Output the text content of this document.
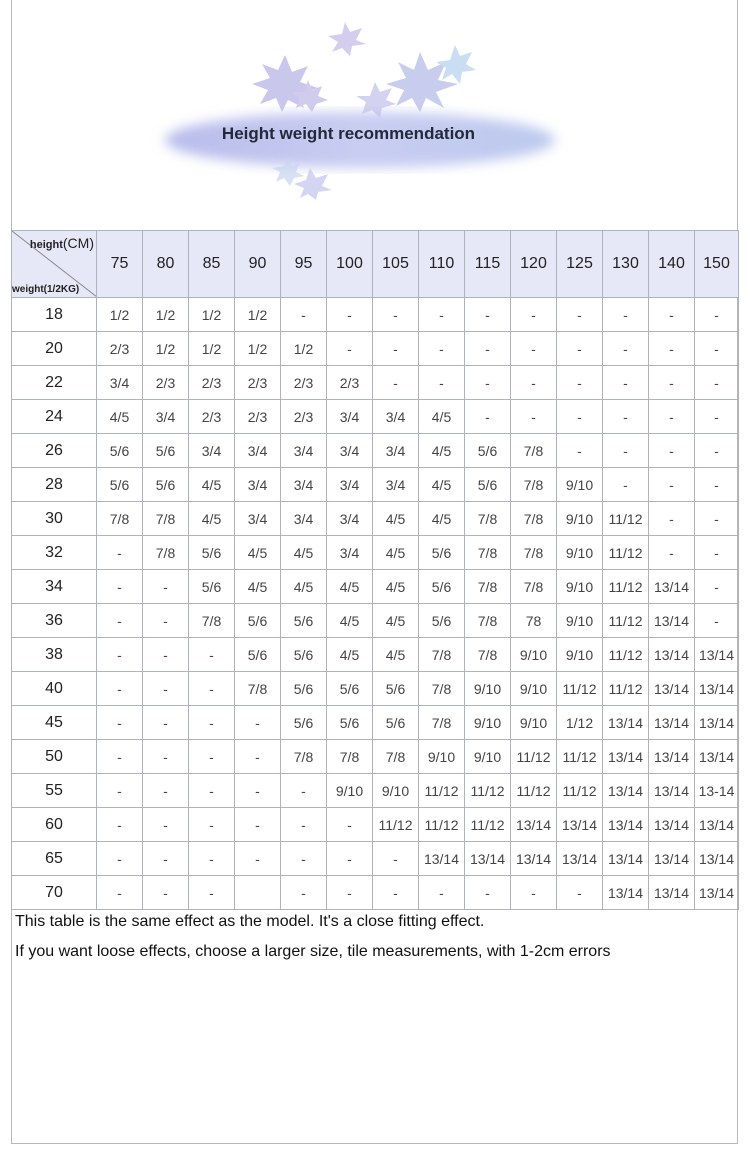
Height weight recommendation
height(CM)
weight(1/2KG)	75	80	85	90	95	100	105	110	115	120	125	130	140	150
18	1/2	1/2	1/2	1/2	-	-	-	-	-	-	-	-	-	-
20	2/3	1/2	1/2	1/2	1/2	-	-	-	-	-	-	-	-	-
22	3/4	2/3	2/3	2/3	2/3	2/3	-	-	-	-	-	-	-	-
24	4/5	3/4	2/3	2/3	2/3	3/4	3/4	4/5	-	-	-	-	-	-
26	5/6	5/6	3/4	3/4	3/4	3/4	3/4	4/5	5/6	7/8	-	-	-	-
28	5/6	5/6	4/5	3/4	3/4	3/4	3/4	4/5	5/6	7/8	9/10	-	-	-
30	7/8	7/8	4/5	3/4	3/4	3/4	4/5	4/5	7/8	7/8	9/10	11/12	-	-
32	-	7/8	5/6	4/5	4/5	3/4	4/5	5/6	7/8	7/8	9/10	11/12	-	-
34	-	-	5/6	4/5	4/5	4/5	4/5	5/6	7/8	7/8	9/10	11/12	13/14	-
36	-	-	7/8	5/6	5/6	4/5	4/5	5/6	7/8	78	9/10	11/12	13/14	-
38	-	-	-	5/6	5/6	4/5	4/5	7/8	7/8	9/10	9/10	11/12	13/14	13/14
40	-	-	-	7/8	5/6	5/6	5/6	7/8	9/10	9/10	11/12	11/12	13/14	13/14
45	-	-	-	-	5/6	5/6	5/6	7/8	9/10	9/10	1/12	13/14	13/14	13/14
50	-	-	-	-	7/8	7/8	7/8	9/10	9/10	11/12	11/12	13/14	13/14	13/14
55	-	-	-	-	-	9/10	9/10	11/12	11/12	11/12	11/12	13/14	13/14	13-14
60	-	-	-	-	-	-	11/12	11/12	11/12	13/14	13/14	13/14	13/14	13/14
65	-	-	-	-	-	-	-	13/14	13/14	13/14	13/14	13/14	13/14	13/14
70	-	-	-		-	-	-	-	-	-	-	13/14	13/14	13/14

This table is the same effect as the model. It's a close fitting effect.

If you want loose effects, choose a larger size, tile measurements, with 1-2cm errors
